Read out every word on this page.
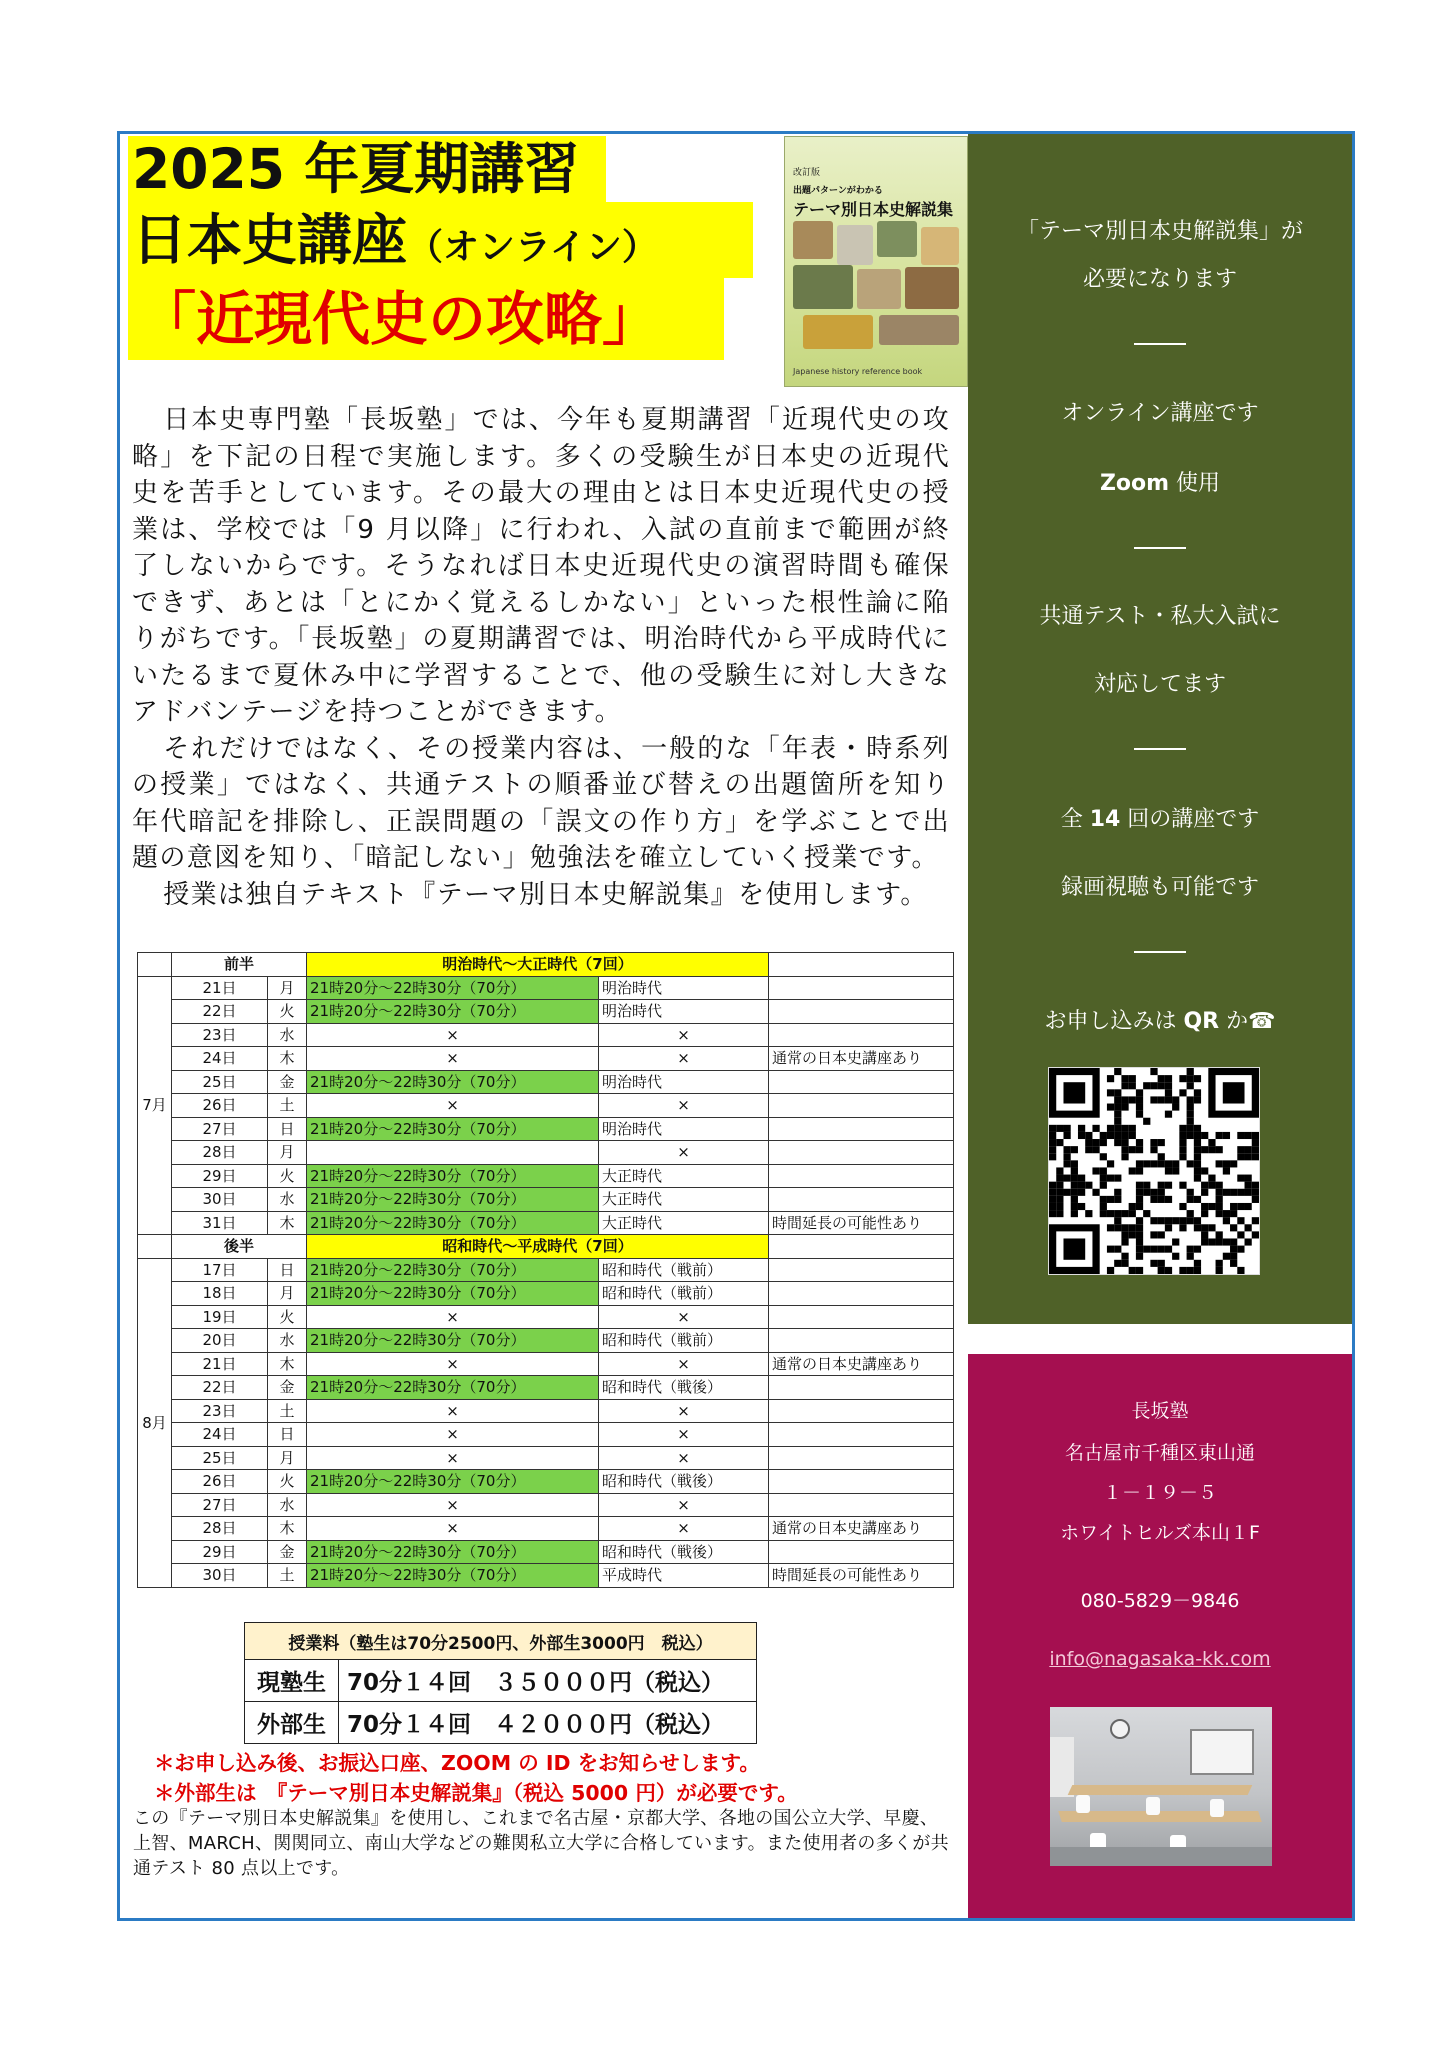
2025 年夏期講習
日本史講座（オンライン）
「近現代史の攻略」
改訂版
出題パターンがわかる
テーマ別日本史解説集
Japanese history reference book

日本史専門塾「長坂塾」では、今年も夏期講習「近現代史の攻略」を下記の日程で実施します。多くの受験生が日本史の近現代史を苦手としています。その最大の理由とは日本史近現代史の授業は、学校では「9 月以降」に行われ、入試の直前まで範囲が終了しないからです。そうなれば日本史近現代史の演習時間も確保できず、あとは「とにかく覚えるしかない」といった根性論に陥りがちです。「長坂塾」の夏期講習では、明治時代から平成時代にいたるまで夏休み中に学習することで、他の受験生に対し大きなアドバンテージを持つことができます。

それだけではなく、その授業内容は、一般的な「年表・時系列の授業」ではなく、共通テストの順番並び替えの出題箇所を知り年代暗記を排除し、正誤問題の「誤文の作り方」を学ぶことで出題の意図を知り、「暗記しない」勉強法を確立していく授業です。

授業は独自テキスト『テーマ別日本史解説集』を使用します。

	前半		明治時代～大正時代（7回）		
7月	21日	月	21時20分～22時30分（70分）	明治時代	
	22日	火	21時20分～22時30分（70分）	明治時代	
	23日	水	×	×	
	24日	木	×	×	通常の日本史講座あり
	25日	金	21時20分～22時30分（70分）	明治時代	
	26日	土	×	×	
	27日	日	21時20分～22時30分（70分）	明治時代	
	28日	月		×	
	29日	火	21時20分～22時30分（70分）	大正時代	
	30日	水	21時20分～22時30分（70分）	大正時代	
	31日	木	21時20分～22時30分（70分）	大正時代	時間延長の可能性あり
	後半		昭和時代～平成時代（7回）		
8月	17日	日	21時20分～22時30分（70分）	昭和時代（戦前）	
	18日	月	21時20分～22時30分（70分）	昭和時代（戦前）	
	19日	火	×	×	
	20日	水	21時20分～22時30分（70分）	昭和時代（戦前）	
	21日	木	×	×	通常の日本史講座あり
	22日	金	21時20分～22時30分（70分）	昭和時代（戦後）	
	23日	土	×	×	
	24日	日	×	×	
	25日	月	×	×	
	26日	火	21時20分～22時30分（70分）	昭和時代（戦後）	
	27日	水	×	×	
	28日	木	×	×	通常の日本史講座あり
	29日	金	21時20分～22時30分（70分）	昭和時代（戦後）	
	30日	土	21時20分～22時30分（70分）	平成時代	時間延長の可能性あり
授業料（塾生は70分2500円、外部生3000円　税込）	
現塾生	70分１４回　３５０００円（税込）
外部生	70分１４回　４２０００円（税込）
＊お申し込み後、お振込口座、ZOOM の ID をお知らせします。
＊外部生は　『テーマ別日本史解説集』（税込 5000 円）が必要です。
この『テーマ別日本史解説集』を使用し、これまで名古屋・京都大学、各地の国公立大学、早慶、上智、MARCH、関関同立、南山大学などの難関私立大学に合格しています。また使用者の多くが共通テスト 80 点以上です。
「テーマ別日本史解説集」が
必要になります
オンライン講座です
Zoom 使用
共通テスト・私大入試に
対応してます
全 14 回の講座です
録画視聴も可能です
お申し込みは QR か☎
長坂塾
名古屋市千種区東山通
１－１９－５
ホワイトヒルズ本山１F
080-5829－9846
info@nagasaka-kk.com
